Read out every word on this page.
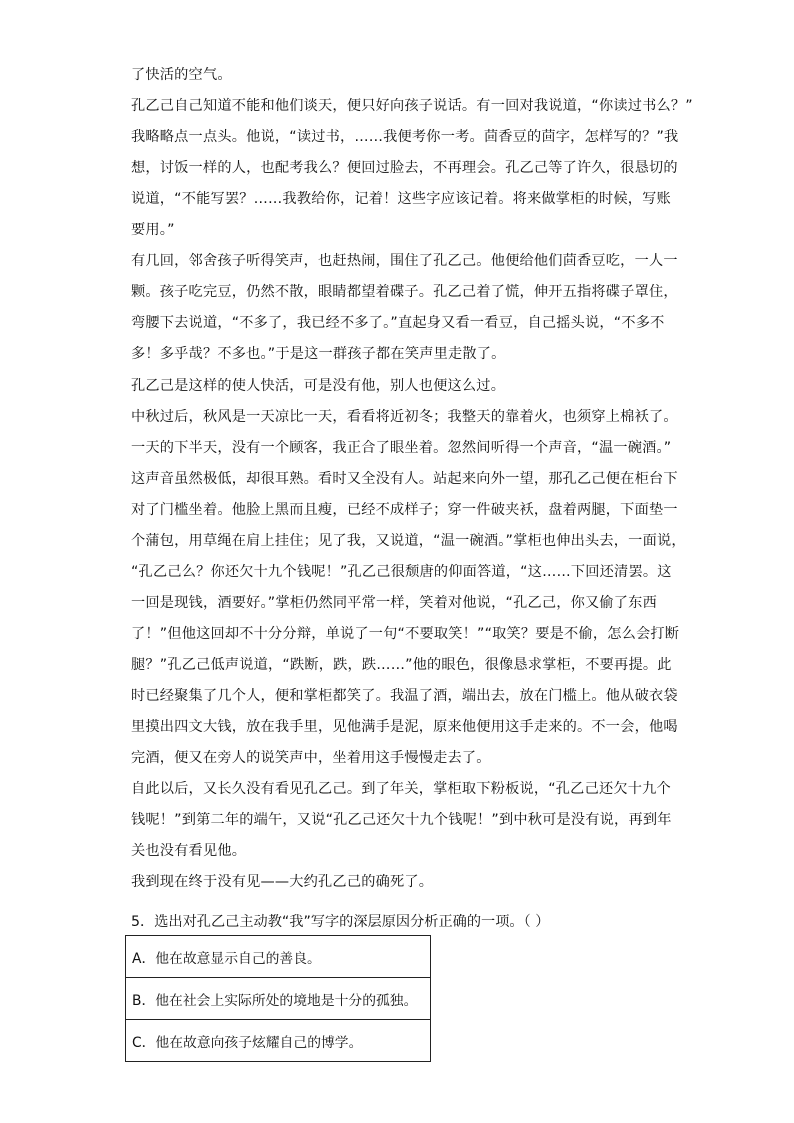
了快活的空气。
孔乙己自己知道不能和他们谈天，便只好向孩子说话。有一回对我说道，“你读过书么？”
我略略点一点头。他说，“读过书，……我便考你一考。茴香豆的茴字，怎样写的？”我
想，讨饭一样的人，也配考我么？便回过脸去，不再理会。孔乙己等了许久，很恳切的
说道，“不能写罢？……我教给你，记着！这些字应该记着。将来做掌柜的时候，写账
要用。”
有几回，邻舍孩子听得笑声，也赶热闹，围住了孔乙己。他便给他们茴香豆吃，一人一
颗。孩子吃完豆，仍然不散，眼睛都望着碟子。孔乙己着了慌，伸开五指将碟子罩住，
弯腰下去说道，“不多了，我已经不多了。”直起身又看一看豆，自己摇头说，“不多不
多！多乎哉？不多也。”于是这一群孩子都在笑声里走散了。
孔乙己是这样的使人快活，可是没有他，别人也便这么过。
中秋过后，秋风是一天凉比一天，看看将近初冬；我整天的靠着火，也须穿上棉袄了。
一天的下半天，没有一个顾客，我正合了眼坐着。忽然间听得一个声音，“温一碗酒。”
这声音虽然极低，却很耳熟。看时又全没有人。站起来向外一望，那孔乙己便在柜台下
对了门槛坐着。他脸上黑而且瘦，已经不成样子；穿一件破夹袄，盘着两腿，下面垫一
个蒲包，用草绳在肩上挂住；见了我，又说道，“温一碗酒。”掌柜也伸出头去，一面说，
“孔乙己么？你还欠十九个钱呢！”孔乙己很颓唐的仰面答道，“这……下回还清罢。这
一回是现钱，酒要好。”掌柜仍然同平常一样，笑着对他说，“孔乙己，你又偷了东西
了！”但他这回却不十分分辩，单说了一句“不要取笑！”“取笑？要是不偷，怎么会打断
腿？”孔乙己低声说道，“跌断，跌，跌……”他的眼色，很像恳求掌柜，不要再提。此
时已经聚集了几个人，便和掌柜都笑了。我温了酒，端出去，放在门槛上。他从破衣袋
里摸出四文大钱，放在我手里，见他满手是泥，原来他便用这手走来的。不一会，他喝
完酒，便又在旁人的说笑声中，坐着用这手慢慢走去了。
自此以后，又长久没有看见孔乙己。到了年关，掌柜取下粉板说，“孔乙己还欠十九个
钱呢！”到第二年的端午，又说“孔乙己还欠十九个钱呢！”到中秋可是没有说，再到年
关也没有看见他。
我到现在终于没有见——大约孔乙己的确死了。
5．选出对孔乙己主动教“我”写字的深层原因分析正确的一项。（ ）
A．他在故意显示自己的善良。
B．他在社会上实际所处的境地是十分的孤独。
C．他在故意向孩子炫耀自己的博学。
